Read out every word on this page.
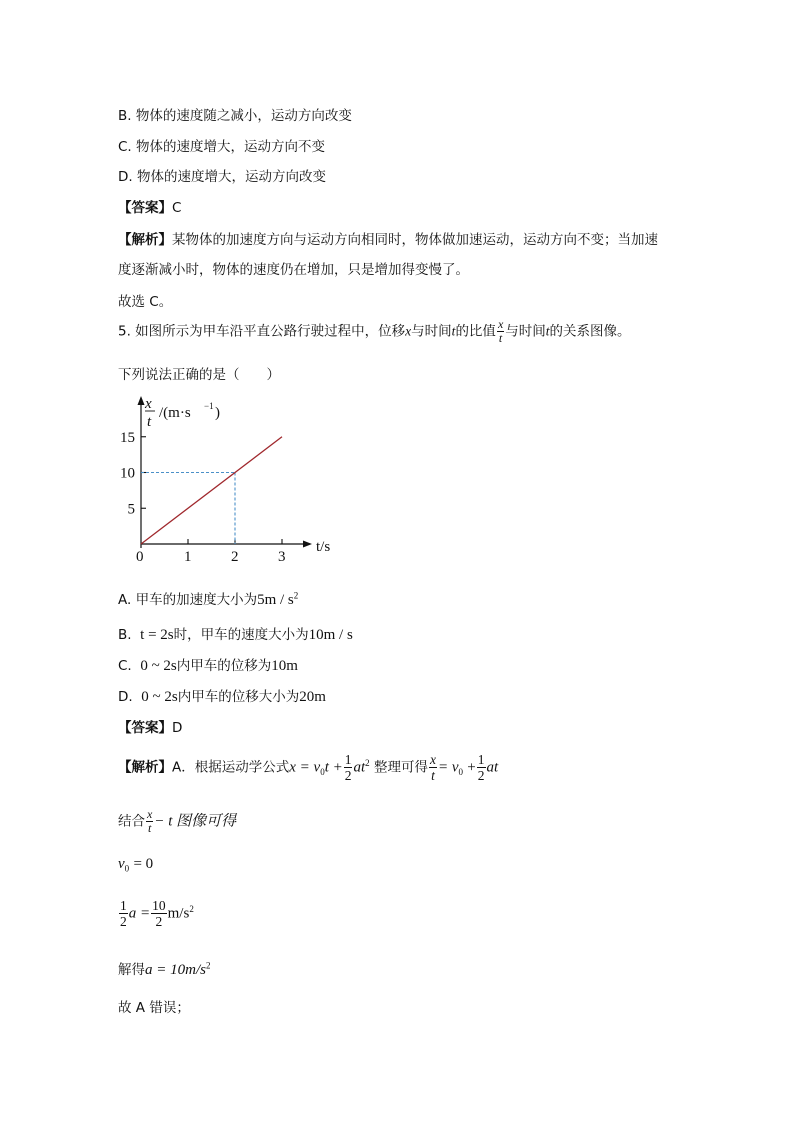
B. 物体的速度随之减小，运动方向改变
C. 物体的速度增大，运动方向不变
D. 物体的速度增大，运动方向改变
【答案】C
【解析】某物体的加速度方向与运动方向相同时，物体做加速运动，运动方向不变；当加速
度逐渐减小时，物体的速度仍在增加，只是增加得变慢了。
故选 C。
5. 如图所示为甲车沿平直公路行驶过程中，位移x与时间t的比值 $\frac{x}{t}$ 与时间t的关系图像。
下列说法正确的是（　　）
x
t
/(m·s −1 )
t/s
0	1	2	3
5
10
15
A. 甲车的加速度大小为$5m / s^2$
B. t = 2s时，甲车的速度大小为10m / s
C. 0 ~ 2s内甲车的位移为10m
D. 0 ~ 2s内甲车的位移大小为20m
【答案】D
【解析】A．根据运动学公式$x = v_0t + \frac{1}{2} at^2$ 整理可得 $\frac{x}{t} = v_0 + \frac{1}{2}$ at
结合 $\frac{x}{t} - t$ 图像可得
$v_0 = 0$
$\frac{1}{2}$ $a = \frac{10}{2} m/s^2$
解得$a = 10m/s^2$
故 A 错误；
